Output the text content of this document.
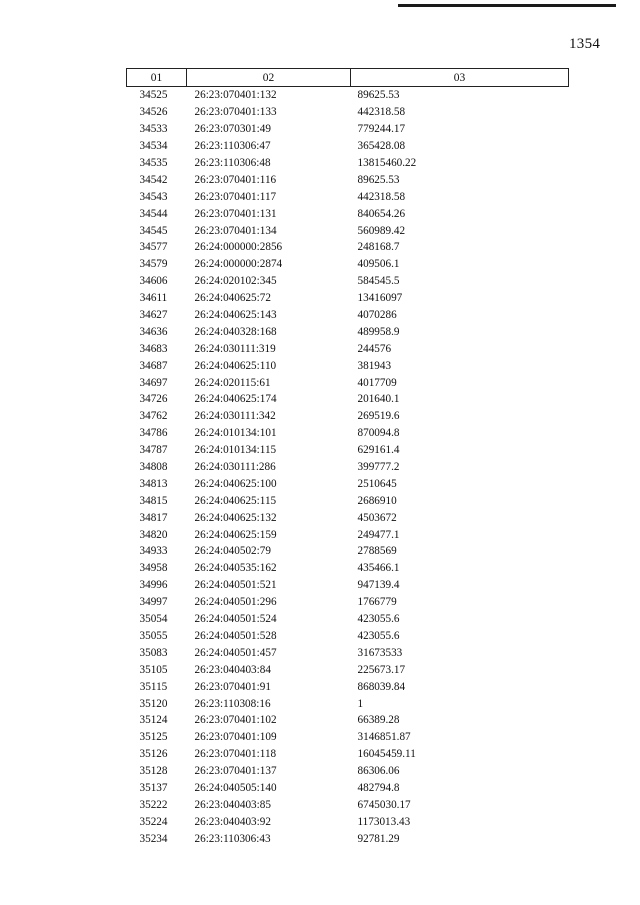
1354
01	02	03
34525	26:23:070401:132	89625.53
34526	26:23:070401:133	442318.58
34533	26:23:070301:49	779244.17
34534	26:23:110306:47	365428.08
34535	26:23:110306:48	13815460.22
34542	26:23:070401:116	89625.53
34543	26:23:070401:117	442318.58
34544	26:23:070401:131	840654.26
34545	26:23:070401:134	560989.42
34577	26:24:000000:2856	248168.7
34579	26:24:000000:2874	409506.1
34606	26:24:020102:345	584545.5
34611	26:24:040625:72	13416097
34627	26:24:040625:143	4070286
34636	26:24:040328:168	489958.9
34683	26:24:030111:319	244576
34687	26:24:040625:110	381943
34697	26:24:020115:61	4017709
34726	26:24:040625:174	201640.1
34762	26:24:030111:342	269519.6
34786	26:24:010134:101	870094.8
34787	26:24:010134:115	629161.4
34808	26:24:030111:286	399777.2
34813	26:24:040625:100	2510645
34815	26:24:040625:115	2686910
34817	26:24:040625:132	4503672
34820	26:24:040625:159	249477.1
34933	26:24:040502:79	2788569
34958	26:24:040535:162	435466.1
34996	26:24:040501:521	947139.4
34997	26:24:040501:296	1766779
35054	26:24:040501:524	423055.6
35055	26:24:040501:528	423055.6
35083	26:24:040501:457	31673533
35105	26:23:040403:84	225673.17
35115	26:23:070401:91	868039.84
35120	26:23:110308:16	1
35124	26:23:070401:102	66389.28
35125	26:23:070401:109	3146851.87
35126	26:23:070401:118	16045459.11
35128	26:23:070401:137	86306.06
35137	26:24:040505:140	482794.8
35222	26:23:040403:85	6745030.17
35224	26:23:040403:92	1173013.43
35234	26:23:110306:43	92781.29
